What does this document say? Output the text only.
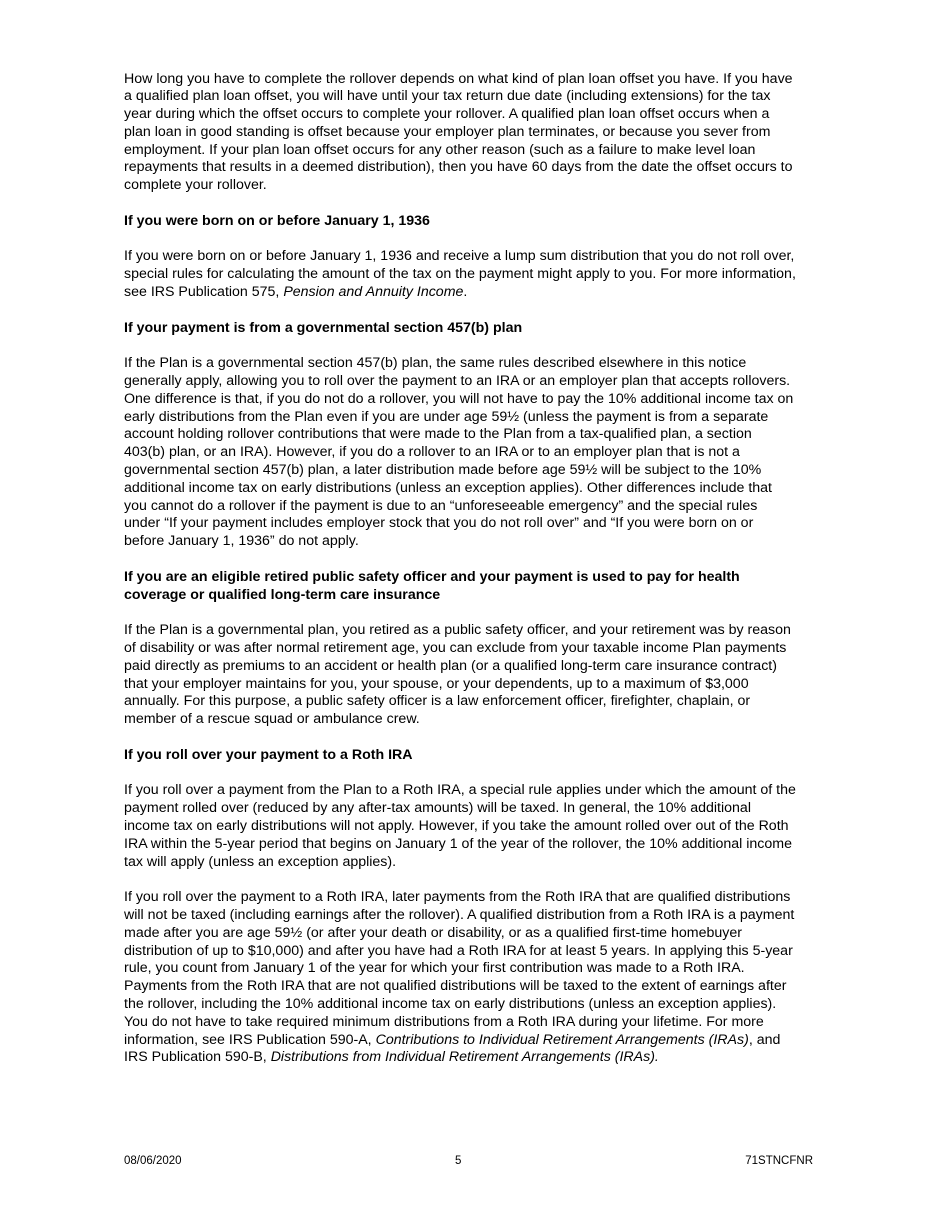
How long you have to complete the rollover depends on what kind of plan loan offset you have. If you have a qualified plan loan offset, you will have until your tax return due date (including extensions) for the tax year during which the offset occurs to complete your rollover. A qualified plan loan offset occurs when a plan loan in good standing is offset because your employer plan terminates, or because you sever from employment. If your plan loan offset occurs for any other reason (such as a failure to make level loan repayments that results in a deemed distribution), then you have 60 days from the date the offset occurs to complete your rollover.

If you were born on or before January 1, 1936

If you were born on or before January 1, 1936 and receive a lump sum distribution that you do not roll over, special rules for calculating the amount of the tax on the payment might apply to you. For more information, see IRS Publication 575, Pension and Annuity Income.

If your payment is from a governmental section 457(b) plan

If the Plan is a governmental section 457(b) plan, the same rules described elsewhere in this notice generally apply, allowing you to roll over the payment to an IRA or an employer plan that accepts rollovers. One difference is that, if you do not do a rollover, you will not have to pay the 10% additional income tax on early distributions from the Plan even if you are under age 59½ (unless the payment is from a separate account holding rollover contributions that were made to the Plan from a tax-qualified plan, a section 403(b) plan, or an IRA). However, if you do a rollover to an IRA or to an employer plan that is not a governmental section 457(b) plan, a later distribution made before age 59½ will be subject to the 10% additional income tax on early distributions (unless an exception applies). Other differences include that you cannot do a rollover if the payment is due to an “unforeseeable emergency” and the special rules under “If your payment includes employer stock that you do not roll over” and “If you were born on or before January 1, 1936” do not apply.

If you are an eligible retired public safety officer and your payment is used to pay for health coverage or qualified long-term care insurance

If the Plan is a governmental plan, you retired as a public safety officer, and your retirement was by reason of disability or was after normal retirement age, you can exclude from your taxable income Plan payments paid directly as premiums to an accident or health plan (or a qualified long-term care insurance contract) that your employer maintains for you, your spouse, or your dependents, up to a maximum of $3,000 annually. For this purpose, a public safety officer is a law enforcement officer, firefighter, chaplain, or member of a rescue squad or ambulance crew.

If you roll over your payment to a Roth IRA

If you roll over a payment from the Plan to a Roth IRA, a special rule applies under which the amount of the payment rolled over (reduced by any after-tax amounts) will be taxed. In general, the 10% additional income tax on early distributions will not apply. However, if you take the amount rolled over out of the Roth IRA within the 5-year period that begins on January 1 of the year of the rollover, the 10% additional income tax will apply (unless an exception applies).

If you roll over the payment to a Roth IRA, later payments from the Roth IRA that are qualified distributions will not be taxed (including earnings after the rollover). A qualified distribution from a Roth IRA is a payment made after you are age 59½ (or after your death or disability, or as a qualified first-time homebuyer distribution of up to $10,000) and after you have had a Roth IRA for at least 5 years. In applying this 5-year rule, you count from January 1 of the year for which your first contribution was made to a Roth IRA. Payments from the Roth IRA that are not qualified distributions will be taxed to the extent of earnings after the rollover, including the 10% additional income tax on early distributions (unless an exception applies). You do not have to take required minimum distributions from a Roth IRA during your lifetime. For more information, see IRS Publication 590-A, Contributions to Individual Retirement Arrangements (IRAs), and IRS Publication 590-B, Distributions from Individual Retirement Arrangements (IRAs).

08/06/2020	5	71STNCFNR
